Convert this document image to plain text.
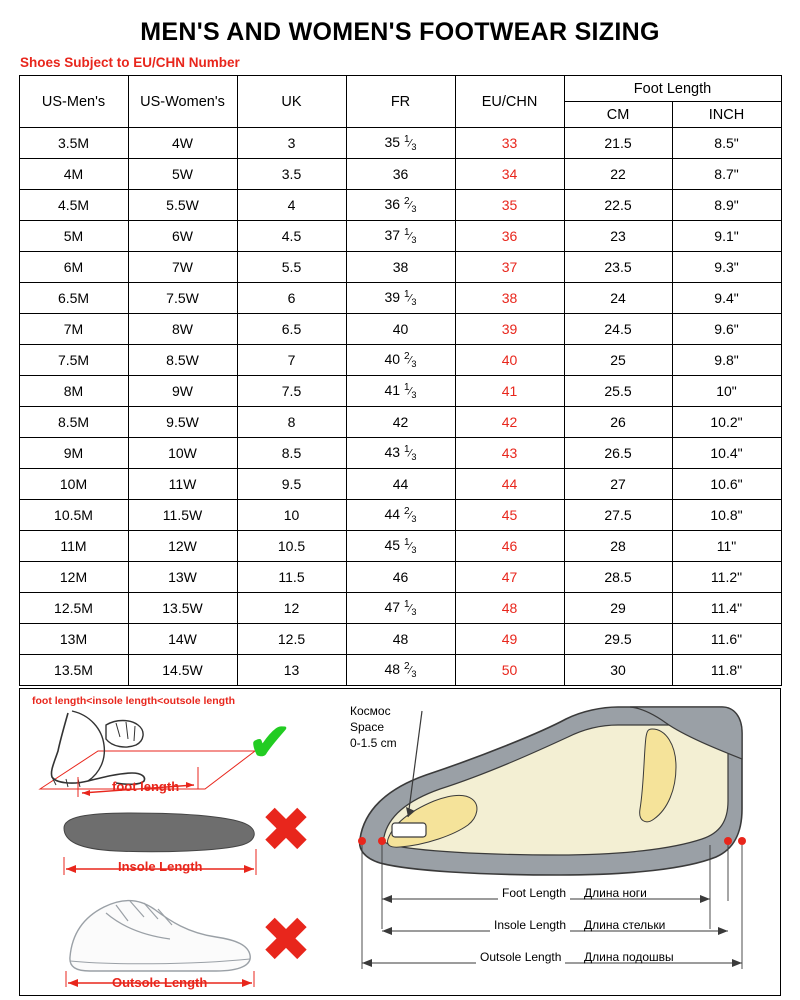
MEN'S AND WOMEN'S FOOTWEAR SIZING
Shoes Subject to EU/CHN Number
US-Men's	US-Women's	UK	FR	EU/CHN	Foot Length	
					CM	INCH
3.5M	4W	3	35 $^1⁄_3$	33	21.5	8.5"
4M	5W	3.5	36	34	22	8.7"
4.5M	5.5W	4	36 $^2⁄_3$	35	22.5	8.9"
5M	6W	4.5	37 $^1⁄_3$	36	23	9.1"
6M	7W	5.5	38	37	23.5	9.3"
6.5M	7.5W	6	39 $^1⁄_3$	38	24	9.4"
7M	8W	6.5	40	39	24.5	9.6"
7.5M	8.5W	7	40 $^2⁄_3$	40	25	9.8"
8M	9W	7.5	41 $^1⁄_3$	41	25.5	10"
8.5M	9.5W	8	42	42	26	10.2"
9M	10W	8.5	43 $^1⁄_3$	43	26.5	10.4"
10M	11W	9.5	44	44	27	10.6"
10.5M	11.5W	10	44 $^2⁄_3$	45	27.5	10.8"
11M	12W	10.5	45 $^1⁄_3$	46	28	11"
12M	13W	11.5	46	47	28.5	11.2"
12.5M	13.5W	12	47 $^1⁄_3$	48	29	11.4"
13M	14W	12.5	48	49	29.5	11.6"
13.5M	14.5W	13	48 $^2⁄_3$	50	30	11.8"
foot length<insole length<outsole length
foot length
Insole Length
Outsole Length
✔
✖
✖
Космос
Space
0-1.5 cm
Foot Length	Длина ноги
Insole Length	Длина стельки
Outsole Length	Длина подошвы
